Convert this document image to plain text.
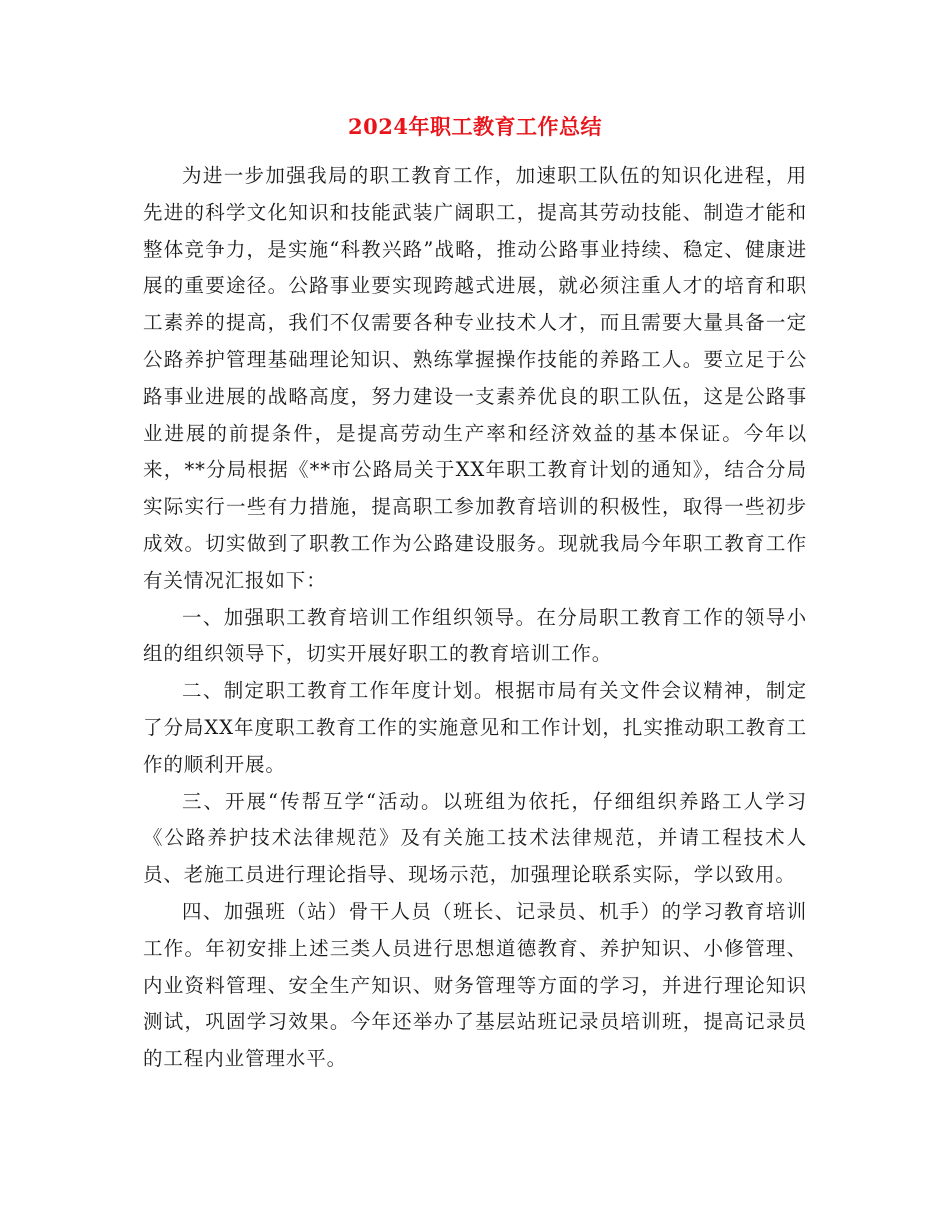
2024年职工教育工作总结

为进一步加强我局的职工教育工作，加速职工队伍的知识化进程，用先进的科学文化知识和技能武装广阔职工，提高其劳动技能、制造才能和整体竞争力，是实施“科教兴路”战略，推动公路事业持续、稳定、健康进展的重要途径。公路事业要实现跨越式进展，就必须注重人才的培育和职工素养的提高，我们不仅需要各种专业技术人才，而且需要大量具备一定公路养护管理基础理论知识、熟练掌握操作技能的养路工人。要立足于公路事业进展的战略高度，努力建设一支素养优良的职工队伍，这是公路事业进展的前提条件，是提高劳动生产率和经济效益的基本保证。今年以来，**分局根据《**市公路局关于XX年职工教育计划的通知》，结合分局实际实行一些有力措施，提高职工参加教育培训的积极性，取得一些初步成效。切实做到了职教工作为公路建设服务。现就我局今年职工教育工作有关情况汇报如下：

一、加强职工教育培训工作组织领导。在分局职工教育工作的领导小组的组织领导下，切实开展好职工的教育培训工作。

二、制定职工教育工作年度计划。根据市局有关文件会议精神，制定了分局XX年度职工教育工作的实施意见和工作计划，扎实推动职工教育工作的顺利开展。

三、开展“传帮互学“活动。以班组为依托，仔细组织养路工人学习《公路养护技术法律规范》及有关施工技术法律规范，并请工程技术人员、老施工员进行理论指导、现场示范，加强理论联系实际，学以致用。

四、加强班（站）骨干人员（班长、记录员、机手）的学习教育培训工作。年初安排上述三类人员进行思想道德教育、养护知识、小修管理、内业资料管理、安全生产知识、财务管理等方面的学习，并进行理论知识测试，巩固学习效果。今年还举办了基层站班记录员培训班，提高记录员的工程内业管理水平。
